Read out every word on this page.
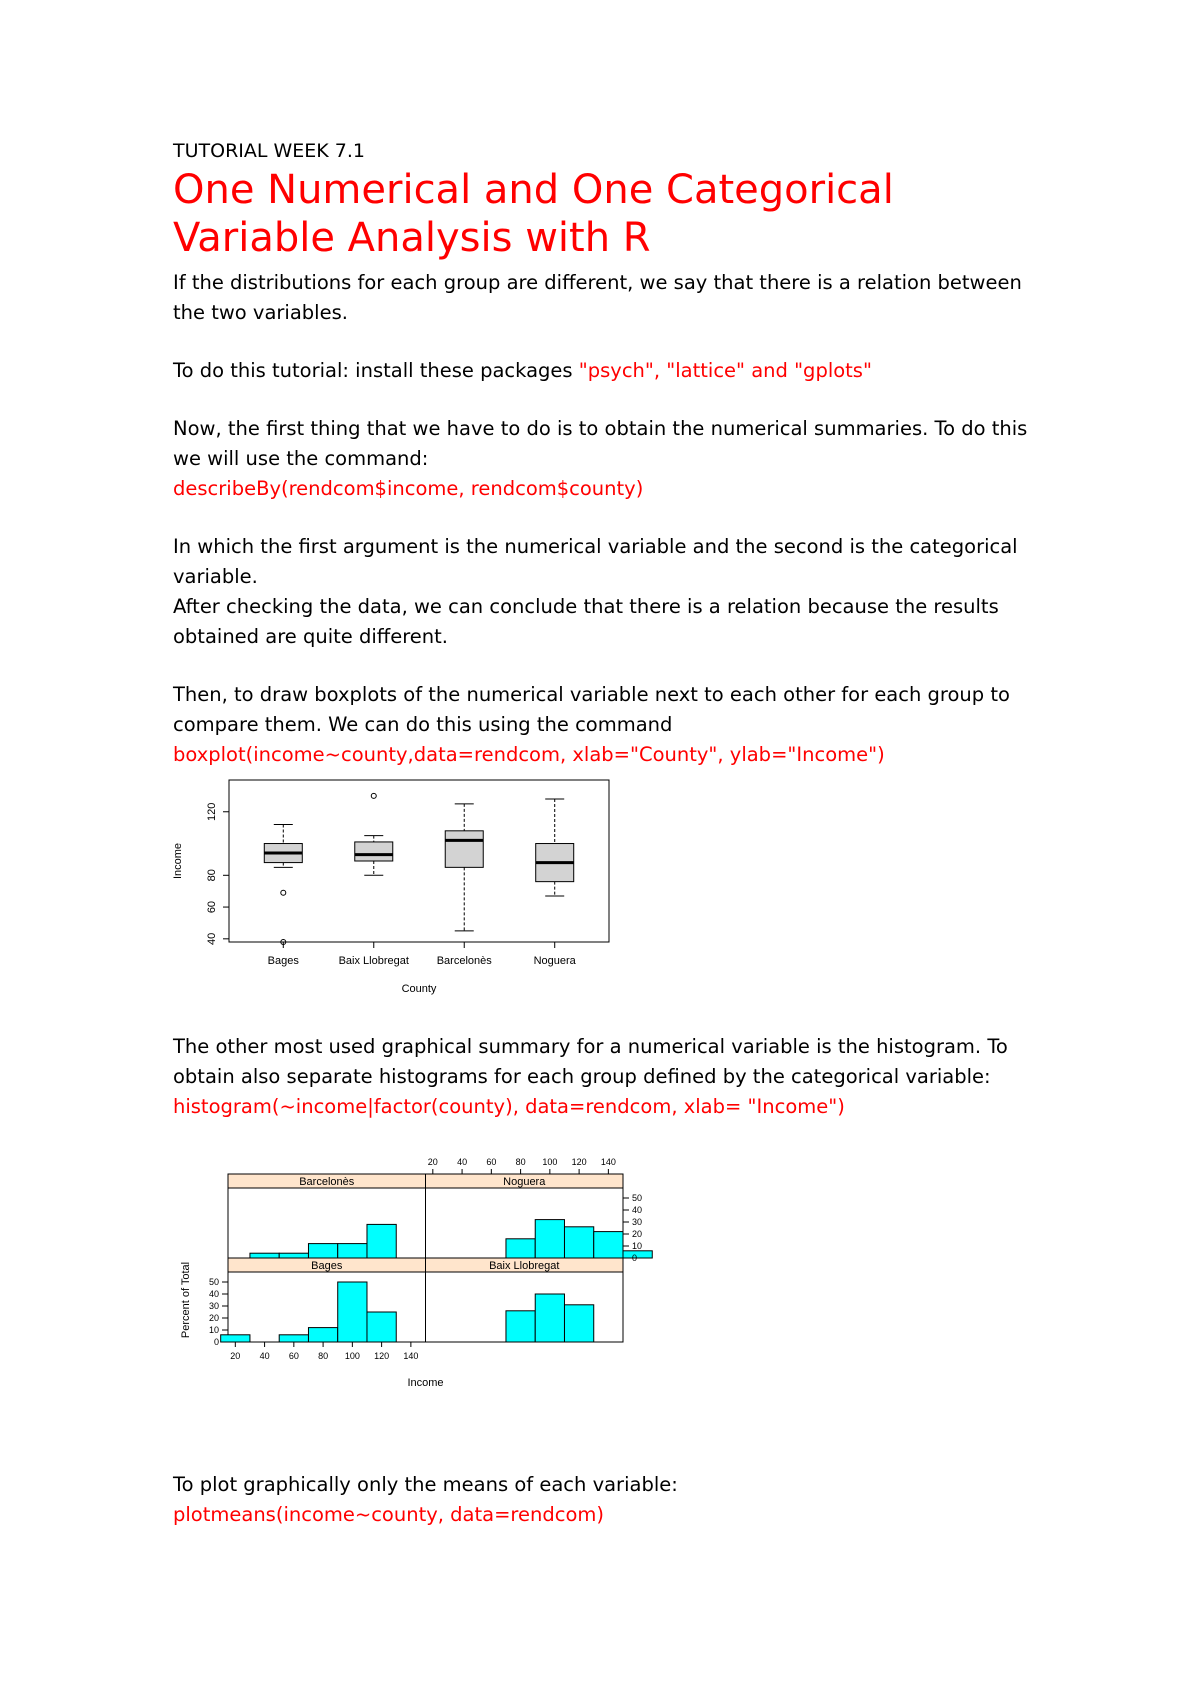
TUTORIAL WEEK 7.1
One Numerical and One Categorical
Variable Analysis with R

If the distributions for each group are different, we say that there is a relation between
the two variables.

To do this tutorial: install these packages "psych", "lattice" and "gplots"

Now, the first thing that we have to do is to obtain the numerical summaries. To do this
we will use the command:
describeBy(rendcom$income, rendcom$county)

In which the first argument is the numerical variable and the second is the categorical
variable.
After checking the data, we can conclude that there is a relation because the results
obtained are quite different.

Then, to draw boxplots of the numerical variable next to each other for each group to
compare them. We can do this using the command
boxplot(income~county,data=rendcom, xlab="County", ylab="Income")

40
60
80
120
Income
Bages	Baix Llobregat	Barcelonès	Noguera
County

The other most used graphical summary for a numerical variable is the histogram. To
obtain also separate histograms for each group defined by the categorical variable:
histogram(~income|factor(county), data=rendcom, xlab= "Income")

Barcelonès	Noguera
Bages	Baix Llobregat
0
0
10
10
20
20
30
30
40
40
50
50
Percent of Total
20
20
40
40
60
60
80
80
100
100
120
120
140
140
Income

To plot graphically only the means of each variable:
plotmeans(income~county, data=rendcom)
